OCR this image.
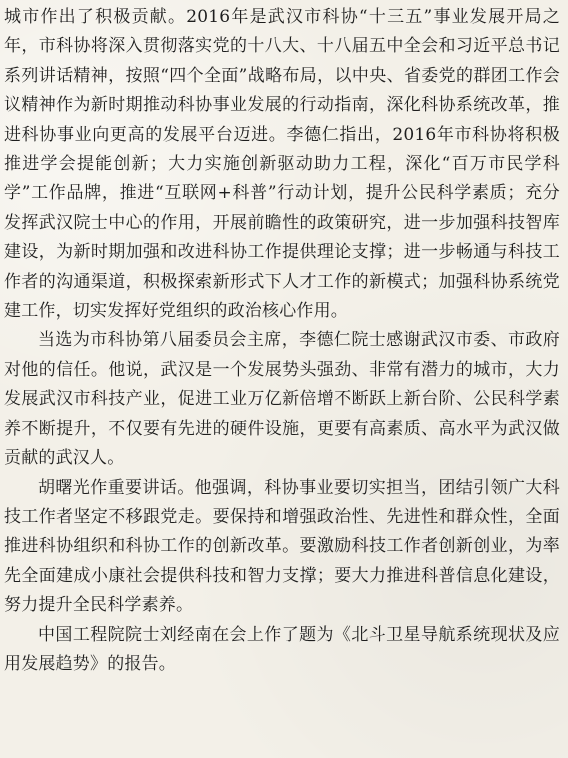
城市作出了积极贡献。2016年是武汉市科协“十三五”事业发展开局之年，市科协将深入贯彻落实党的十八大、十八届五中全会和习近平总书记系列讲话精神，按照“四个全面”战略布局，以中央、省委党的群团工作会议精神作为新时期推动科协事业发展的行动指南，深化科协系统改革，推进科协事业向更高的发展平台迈进。李德仁指出，2016年市科协将积极推进学会提能创新；大力实施创新驱动助力工程，深化“百万市民学科学”工作品牌，推进“互联网+科普”行动计划，提升公民科学素质；充分发挥武汉院士中心的作用，开展前瞻性的政策研究，进一步加强科技智库建设，为新时期加强和改进科协工作提供理论支撑；进一步畅通与科技工作者的沟通渠道，积极探索新形式下人才工作的新模式；加强科协系统党建工作，切实发挥好党组织的政治核心作用。

当选为市科协第八届委员会主席，李德仁院士感谢武汉市委、市政府对他的信任。他说，武汉是一个发展势头强劲、非常有潜力的城市，大力发展武汉市科技产业，促进工业万亿新倍增不断跃上新台阶、公民科学素养不断提升，不仅要有先进的硬件设施，更要有高素质、高水平为武汉做贡献的武汉人。

胡曙光作重要讲话。他强调，科协事业要切实担当，团结引领广大科技工作者坚定不移跟党走。要保持和增强政治性、先进性和群众性，全面推进科协组织和科协工作的创新改革。要激励科技工作者创新创业，为率先全面建成小康社会提供科技和智力支撑；要大力推进科普信息化建设，努力提升全民科学素养。

中国工程院院士刘经南在会上作了题为《北斗卫星导航系统现状及应用发展趋势》的报告。
